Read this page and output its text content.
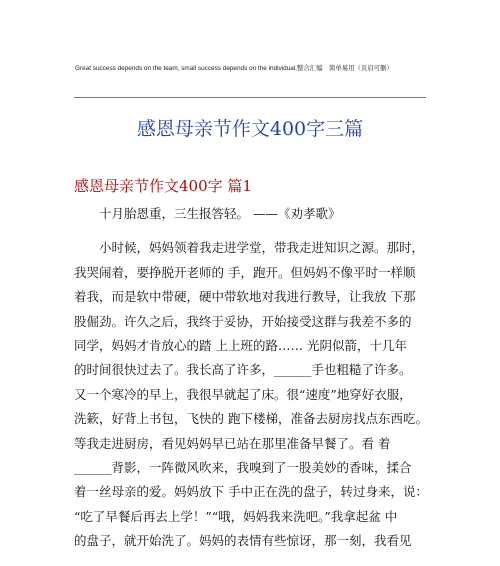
Great success depends on the team, small success depends on the individual.整合汇编　简单易用（页眉可删）
感恩母亲节作文400字三篇
感恩母亲节作文400字 篇1
　　十月胎恩重，三生报答轻。 ——《劝孝歌》
　　小时候，妈妈领着我走进学堂，带我走进知识之源。那时，
我哭闹着，要挣脱开老师的 手，跑开。但妈妈不像平时一样顺
着我，而是软中带硬，硬中带软地对我进行教导，让我放 下那
股倔劲。许久之后，我终于妥协，开始接受这群与我差不多的
同学，妈妈才肯放心的踏 上上班的路…… 光阴似箭，十几年
的时间很快过去了。我长高了许多，______手也粗糙了许多。
又一个寒冷的早上，我很早就起了床。很“速度”地穿好衣服，
洗簌，好背上书包，飞快的 跑下楼梯，准备去厨房找点东西吃。
等我走进厨房，看见妈妈早已站在那里准备早餐了。看 着
______背影，一阵微风吹来，我嗅到了一股美妙的香味，揉合
着一丝母亲的爱。妈妈放下 手中正在洗的盘子，转过身来，说：
“吃了早餐后再去上学！”“哦，妈妈我来洗吧。”我拿起盆 中
的盘子，就开始洗了。妈妈的表情有些惊讶，那一刻，我看见
